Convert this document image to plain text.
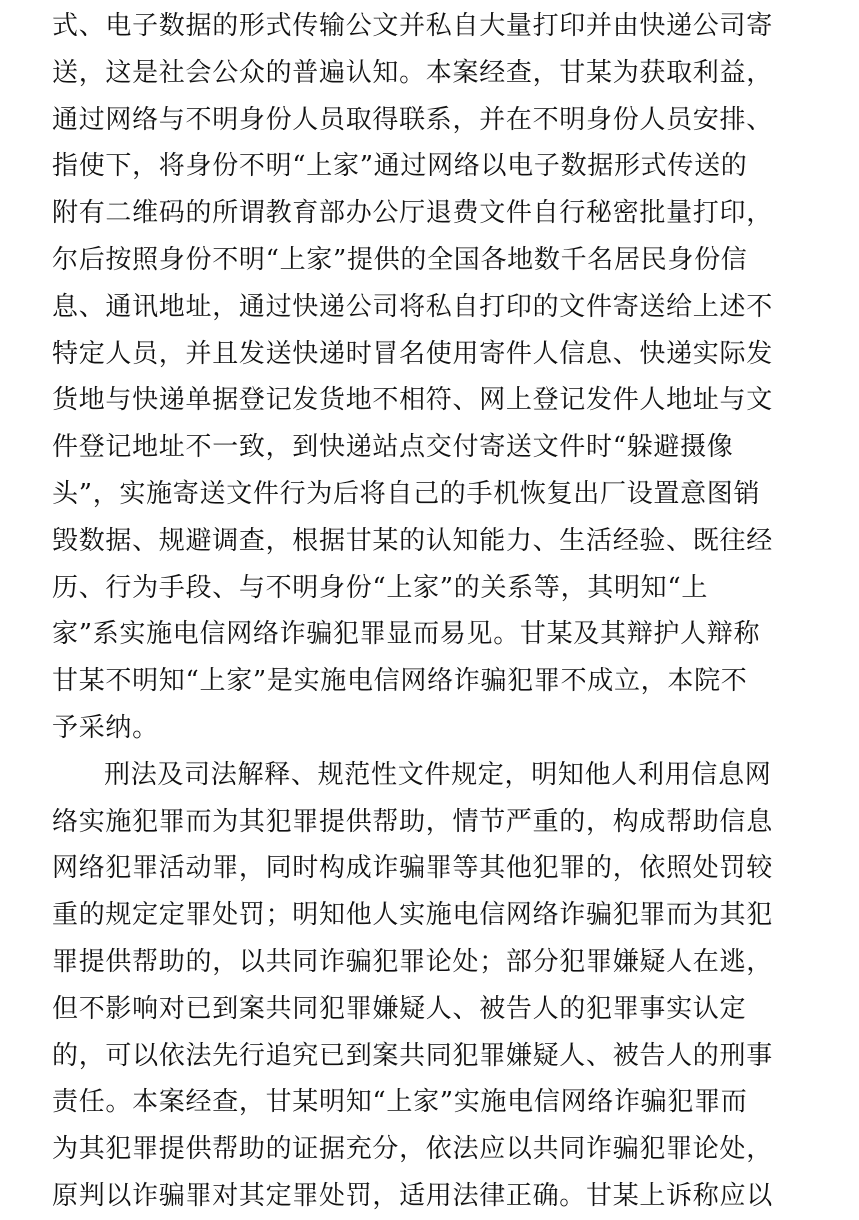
式、电子数据的形式传输公文并私自大量打印并由快递公司寄
送，这是社会公众的普遍认知。本案经查，甘某为获取利益，
通过网络与不明身份人员取得联系，并在不明身份人员安排、
指使下，将身份不明“上家”通过网络以电子数据形式传送的
附有二维码的所谓教育部办公厅退费文件自行秘密批量打印，
尔后按照身份不明“上家”提供的全国各地数千名居民身份信
息、通讯地址，通过快递公司将私自打印的文件寄送给上述不
特定人员，并且发送快递时冒名使用寄件人信息、快递实际发
货地与快递单据登记发货地不相符、网上登记发件人地址与文
件登记地址不一致，到快递站点交付寄送文件时“躲避摄像
头”，实施寄送文件行为后将自己的手机恢复出厂设置意图销
毁数据、规避调查，根据甘某的认知能力、生活经验、既往经
历、行为手段、与不明身份“上家”的关系等，其明知“上
家”系实施电信网络诈骗犯罪显而易见。甘某及其辩护人辩称
甘某不明知“上家”是实施电信网络诈骗犯罪不成立，本院不
予采纳。
刑法及司法解释、规范性文件规定，明知他人利用信息网
络实施犯罪而为其犯罪提供帮助，情节严重的，构成帮助信息
网络犯罪活动罪，同时构成诈骗罪等其他犯罪的，依照处罚较
重的规定定罪处罚；明知他人实施电信网络诈骗犯罪而为其犯
罪提供帮助的，以共同诈骗犯罪论处；部分犯罪嫌疑人在逃，
但不影响对已到案共同犯罪嫌疑人、被告人的犯罪事实认定
的，可以依法先行追究已到案共同犯罪嫌疑人、被告人的刑事
责任。本案经查，甘某明知“上家”实施电信网络诈骗犯罪而
为其犯罪提供帮助的证据充分，依法应以共同诈骗犯罪论处，
原判以诈骗罪对其定罪处罚，适用法律正确。甘某上诉称应以
